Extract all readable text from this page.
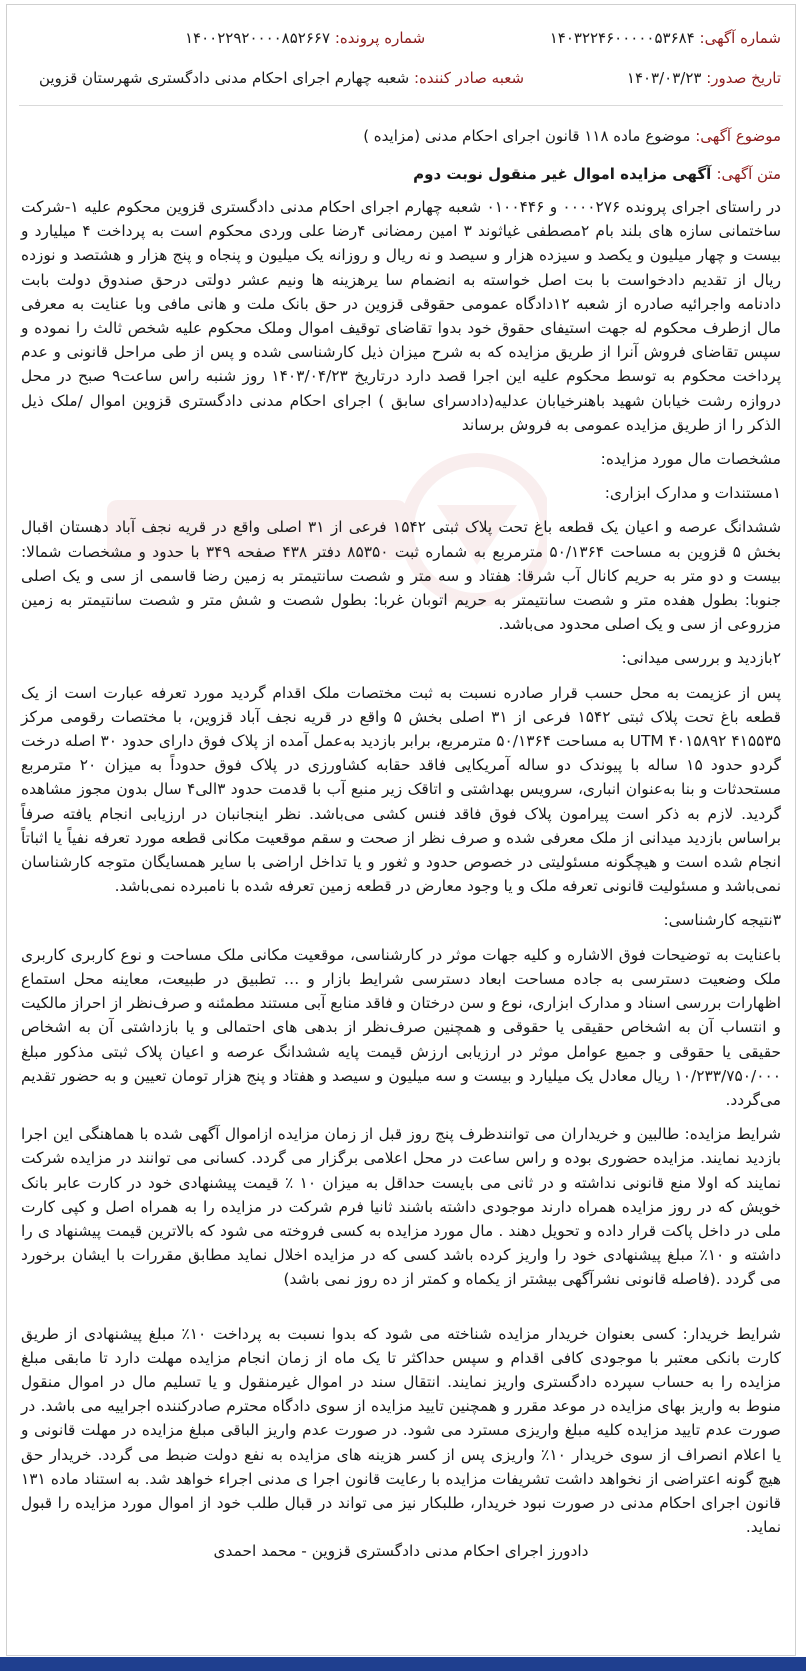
شماره آگهی: ۱۴۰۳۲۲۴۶۰۰۰۰۰۵۳۶۸۴
شماره پرونده: ۱۴۰۰۲۲۹۲۰۰۰۰۸۵۲۶۶۷
تاریخ صدور: ۱۴۰۳/۰۳/۲۳
شعبه صادر کننده: شعبه چهارم اجرای احکام مدنی دادگستری شهرستان قزوین
موضوع آگهی: موضوع ماده ۱۱۸ قانون اجرای احکام مدنی (مزایده )
متن آگهی: آگهی مزایده اموال غیر منقول نوبت دوم

در راستای اجرای پرونده ۰۰۰۰۲۷۶ و ۰۱۰۰۴۴۶ شعبه چهارم اجرای احکام مدنی دادگستری قزوین محکوم علیه ۱-شرکت ساختمانی سازه های بلند بام ۲مصطفی غیاثوند ۳ امین رمضانی ۴رضا علی وردی محکوم است به پرداخت ۴ میلیارد و بیست و چهار میلیون و یکصد و سیزده هزار و سیصد و نه ریال و روزانه یک میلیون و پنجاه و پنج هزار و هشتصد و نوزده ریال از تقدیم دادخواست با بت اصل خواسته به انضمام سا یرهزینه ها ونیم عشر دولتی درحق صندوق دولت بابت دادنامه واجرائیه صادره از شعبه ۱۲دادگاه عمومی حقوقی قزوین در حق بانک ملت و هانی مافی وبا عنایت به معرفی مال ازطرف محکوم له جهت استیفای حقوق خود بدوا تقاضای توقیف اموال وملک محکوم علیه شخص ثالث را نموده و سپس تقاضای فروش آنرا از طریق مزایده که به شرح میزان ذیل کارشناسی شده و پس از طی مراحل قانونی و عدم پرداخت محکوم به توسط محکوم علیه این اجرا قصد دارد درتاریخ ۱۴۰۳/۰۴/۲۳ روز شنبه راس ساعت۹ صبح در محل دروازه رشت خیابان شهید باهنرخیابان عدلیه(دادسرای سابق ) اجرای احکام مدنی دادگستری قزوین اموال /ملک ذیل الذکر را از طریق مزایده عمومی به فروش برساند

مشخصات مال مورد مزایده:

۱مستندات و مدارک ابزاری:

ششدانگ عرصه و اعیان یک قطعه باغ تحت پلاک ثبتی ۱۵۴۲ فرعی از ۳۱ اصلی واقع در قریه نجف آباد دهستان اقبال بخش ۵ قزوین به مساحت ۵۰/۱۳۶۴ مترمربع به شماره ثبت ۸۵۳۵۰ دفتر ۴۳۸ صفحه ۳۴۹ با حدود و مشخصات شمالا: بیست و دو متر به حریم کانال آب شرقا: هفتاد و سه متر و شصت سانتیمتر به زمین رضا قاسمی از سی و یک اصلی جنوبا: بطول هفده متر و شصت سانتیمتر به حریم اتوبان غربا: بطول شصت و شش متر و شصت سانتیمتر به زمین مزروعی از سی و یک اصلی محدود می‌باشد.

۲بازدید و بررسی میدانی:

پس از عزیمت به محل حسب قرار صادره نسبت به ثبت مختصات ملک اقدام گردید مورد تعرفه عبارت است از یک قطعه باغ تحت پلاک ثبتی ۱۵۴۲ فرعی از ۳۱ اصلی بخش ۵ واقع در قریه نجف آباد قزوین، با مختصات رقومی مرکز ۴۱۵۵۳۵ UTM ۴۰۱۵۸۹۲ به مساحت ۵۰/۱۳۶۴ مترمربع، برابر بازدید به‌عمل آمده از پلاک فوق دارای حدود ۳۰ اصله درخت گردو حدود ۱۵ ساله با پیوندک دو ساله آمریکایی فاقد حقابه کشاورزی در پلاک فوق حدوداً به میزان ۲۰ مترمربع مستحدثات و بنا به‌عنوان انباری، سرویس بهداشتی و اتاقک زیر منبع آب با قدمت حدود ۳الی۴ سال بدون مجوز مشاهده گردید. لازم به ذکر است پیرامون پلاک فوق فاقد فنس کشی می‌باشد. نظر اینجانبان در ارزیابی انجام یافته صرفاً براساس بازدید میدانی از ملک معرفی شده و صرف نظر از صحت و سقم موقعیت مکانی قطعه مورد تعرفه نفیاً یا اثباتاً انجام شده است و هیچگونه مسئولیتی در خصوص حدود و ثغور و یا تداخل اراضی با سایر همسایگان متوجه کارشناسان نمی‌باشد و مسئولیت قانونی تعرفه ملک و یا وجود معارض در قطعه زمین تعرفه شده با نامبرده نمی‌باشد.

۳نتیجه کارشناسی:

باعنایت به توضیحات فوق الاشاره و کلیه جهات موثر در کارشناسی، موقعیت مکانی ملک مساحت و نوع کاربری کاربری ملک وضعیت دسترسی به جاده مساحت ابعاد دسترسی شرایط بازار و … تطبیق در طبیعت، معاینه محل استماع اظهارات بررسی اسناد و مدارک ابزاری، نوع و سن درختان و فاقد منابع آبی مستند مطمئنه و صرف‌نظر از احراز مالکیت و انتساب آن به اشخاص حقیقی یا حقوقی و همچنین صرف‌نظر از بدهی های احتمالی و یا بازداشتی آن به اشخاص حقیقی یا حقوقی و جمیع عوامل موثر در ارزیابی ارزش قیمت پایه ششدانگ عرصه و اعیان پلاک ثبتی مذکور مبلغ ۱۰/۲۳۳/۷۵۰/۰۰۰ ریال معادل یک میلیارد و بیست و سه میلیون و سیصد و هفتاد و پنج هزار تومان تعیین و به حضور تقدیم می‌گردد.

شرایط مزایده: طالبین و خریداران می توانندظرف پنج روز قبل از زمان مزایده ازاموال آگهی شده با هماهنگی این اجرا بازدید نمایند. مزایده حضوری بوده و راس ساعت در محل اعلامی برگزار می گردد. کسانی می توانند در مزایده شرکت نمایند که اولا منع قانونی نداشته و در ثانی می بایست حداقل به میزان ۱۰ ٪ قیمت پیشنهادی خود در کارت عابر بانک خویش که در روز مزایده همراه دارند موجودی داشته باشند ثانیا فرم شرکت در مزایده را به همراه اصل و کپی کارت ملی در داخل پاکت قرار داده و تحویل دهند . مال مورد مزایده به کسی فروخته می شود که بالاترین قیمت پیشنهاد ی را داشته و ۱۰٪ مبلغ پیشنهادی خود را واریز کرده باشد کسی که در مزایده اخلال نماید مطابق مقررات با ایشان برخورد می گردد .(فاصله قانونی نشرآگهی بیشتر از یکماه و کمتر از ده روز نمی باشد)

شرایط خریدار: کسی بعنوان خریدار مزایده شناخته می شود که بدوا نسبت به پرداخت ۱۰٪ مبلغ پیشنهادی از طریق کارت بانکی معتبر با موجودی کافی اقدام و سپس حداکثر تا یک ماه از زمان انجام مزایده مهلت دارد تا مابقی مبلغ مزایده را به حساب سپرده دادگستری واریز نمایند. انتقال سند در اموال غیرمنقول و یا تسلیم مال در اموال منقول منوط به واریز بهای مزایده در موعد مقرر و همچنین تایید مزایده از سوی دادگاه محترم صادرکننده اجراییه می باشد. در صورت عدم تایید مزایده کلیه مبلغ واریزی مسترد می شود. در صورت عدم واریز الباقی مبلغ مزایده در مهلت قانونی و یا اعلام انصراف از سوی خریدار ۱۰٪ واریزی پس از کسر هزینه های مزایده به نفع دولت ضبط می گردد. خریدار حق هیچ گونه اعتراضی از نخواهد داشت تشریفات مزایده با رعایت قانون اجرا ی مدنی اجراء خواهد شد. به استناد ماده ۱۳۱ قانون اجرای احکام مدنی در صورت نبود خریدار، طلبکار نیز می تواند در قبال طلب خود از اموال مورد مزایده را قبول نماید.

دادورز اجرای احکام مدنی دادگستری قزوین - محمد احمدی
